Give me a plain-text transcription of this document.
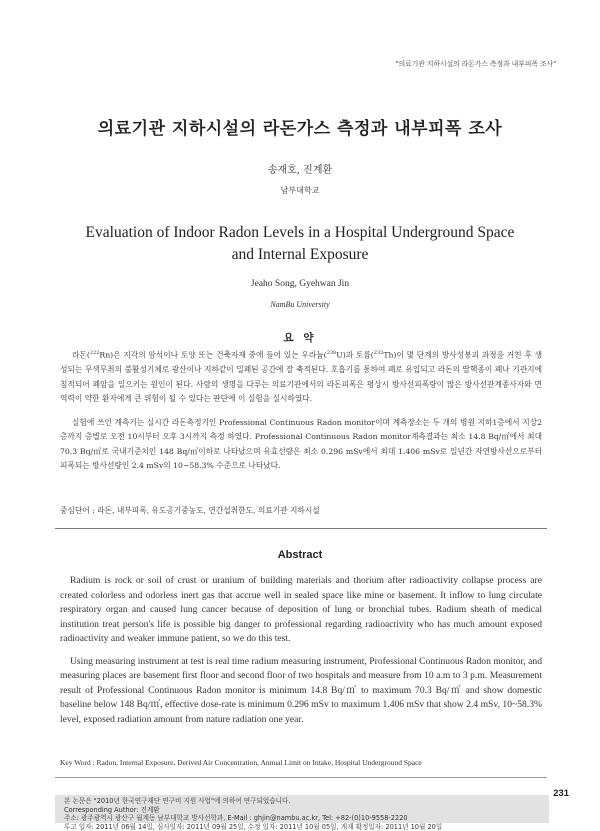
"의료기관 지하시설의 라돈가스 측정과 내부피폭 조사"
의료기관 지하시설의 라돈가스 측정과 내부피폭 조사
송재호, 진계환
남부대학교
Evaluation of Indoor Radon Levels in a Hospital Underground Space
and Internal Exposure
Jeaho Song, Gyehwan Jin
NamBu University
요 약

라돈($^{222}$Rn)은 지각의 암석이나 토양 또는 건축자재 중에 들어 있는 우라늄($^{238}$U)과 토륨($^{232}$Th)이 몇 단계의 방사성붕괴 과정을 거친 후 생성되는 무색무취의 불활성기체로 광산이나 지하같이 밀폐된 공간에 잘 축적된다. 호흡기를 통하여 폐로 유입되고 라돈의 딸핵종이 폐나 기관지에 침적되어 폐암을 일으키는 원인이 된다. 사람의 생명을 다루는 의료기관에서의 라돈피폭은 평상시 방사선피폭량이 많은 방사선관계종사자와 면역력이 약한 환자에게 큰 위험이 될 수 있다는 판단에 이 실험을 실시하였다.

실험에 쓰인 계측기는 실시간 라돈측정기인 Professional Continuous Radon monitor이며 계측장소는 두 개의 병원 지하1층에서 지상2층까지 층별로 오전 10시부터 오후 3시까지 측정 하였다. Professional Continuous Radon monitor계측결과는 최소 14.8 Bq/㎥에서 최대 70.3 Bq/㎥로 국내기준치인 148 Bq/㎥이하로 나타났으며 유효선량은 최소 0.296 mSv에서 최대 1.406 mSv로 일년간 자연방사선으로부터 피폭되는 방사선량인 2.4 mSv의 10~58.3% 수준으로 나타났다.

중심단어 : 라돈, 내부피폭, 유도공기중농도, 연간섭취한도, 의료기관 지하시설
Abstract

Radium is rock or soil of crust or uranium of building materials and thorium after radioactivity collapse process are created colorless and odorless inert gas that accrue well in sealed space like mine or basement. It inflow to lung circulate respiratory organ and caused lung cancer because of deposition of lung or bronchial tubes. Radium sheath of medical institution treat person's life is possible big danger to professional regarding radioactivity who has much amount exposed radioactivity and weaker immune patient, so we do this test.

Using measuring instrument at test is real time radium measuring instrument, Professional Continuous Radon monitor, and measuring places are basement first floor and second floor of two hospitals and measure from 10 a.m to 3 p.m. Measurement result of Professional Continuous Radon monitor is minimum 14.8 Bq/㎥ to maximum 70.3 Bq/㎥ and show domestic baseline below 148 Bq/㎥, effective dose-rate is minimum 0.296 mSv to maximum 1.406 mSv that show 2.4 mSv, 10~58.3% level, exposed radiation amount from nature radiation one year.

Key Word : Radon, Internal Exposure, Derived Air Concentration, Annual Limit on Intake, Hospital Underground Space
231
본 논문은 "2010년 한국연구재단 연구비 지원 사업"에 의하여 연구되었습니다.
Corresponding Author: 진계환
주소: 광주광역시 광산구 월계동 남부대학교 방사선학과, E-Mail : ghjin@nambu.ac.kr, Tel: +82-(0)10-9558-2220
투고 일자: 2011년 06월 14일, 심사일자: 2011년 09월 25일, 수정 일자: 2011년 10월 05일, 게재 확정일자: 2011년 10월 20일
